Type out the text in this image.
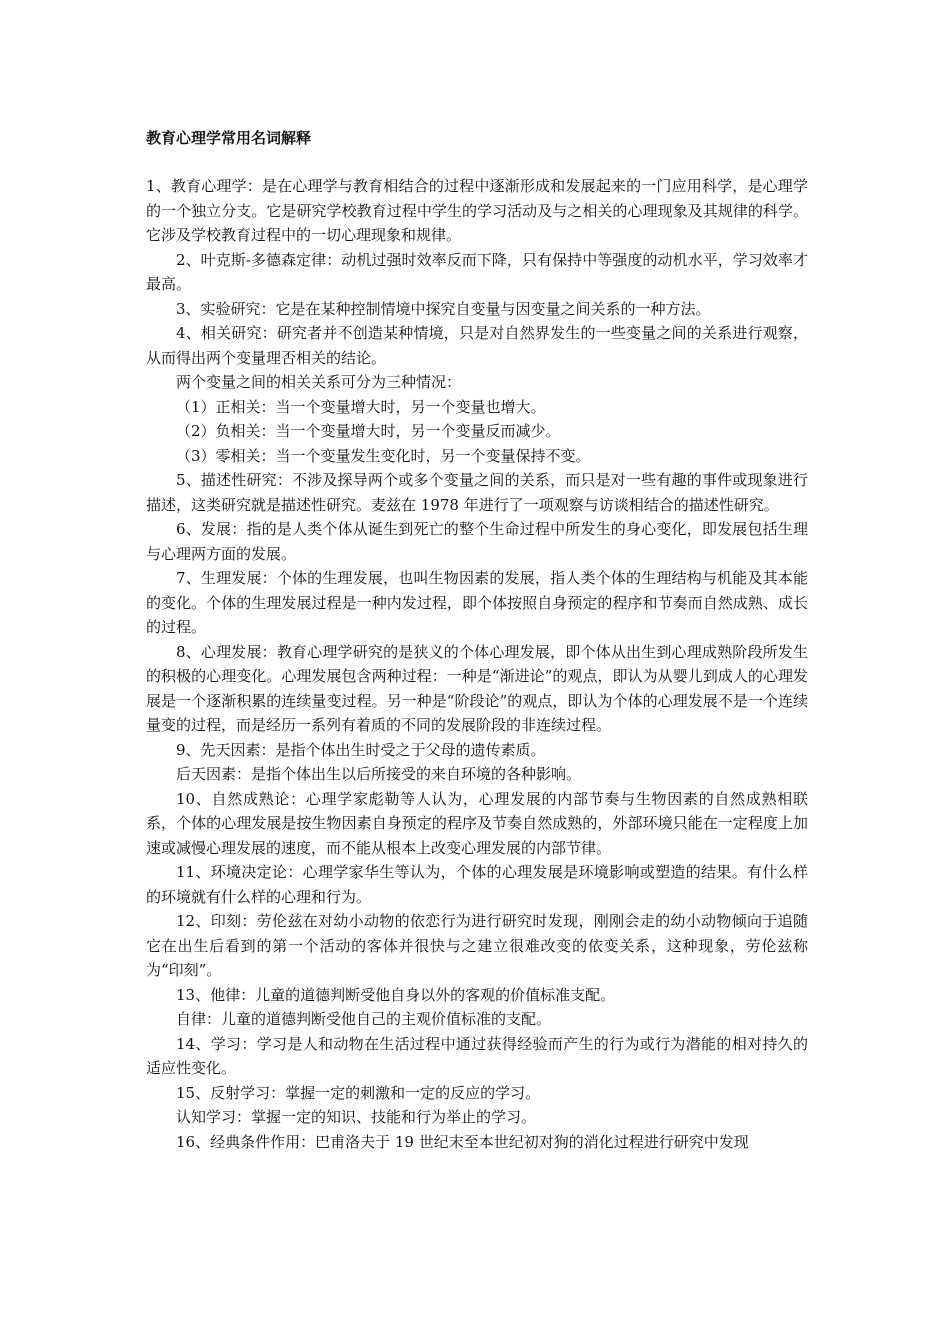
教育心理学常用名词解释

1、教育心理学：是在心理学与教育相结合的过程中逐渐形成和发展起来的一门应用科学，是心理学的一个独立分支。它是研究学校教育过程中学生的学习活动及与之相关的心理现象及其规律的科学。它涉及学校教育过程中的一切心理现象和规律。

2、叶克斯-多德森定律：动机过强时效率反而下降，只有保持中等强度的动机水平，学习效率才最高。

3、实验研究：它是在某种控制情境中探究自变量与因变量之间关系的一种方法。

4、相关研究：研究者并不创造某种情境，只是对自然界发生的一些变量之间的关系进行观察，从而得出两个变量理否相关的结论。

两个变量之间的相关关系可分为三种情况：

（1）正相关：当一个变量增大时，另一个变量也增大。

（2）负相关：当一个变量增大时，另一个变量反而减少。

（3）零相关：当一个变量发生变化时，另一个变量保持不变。

5、描述性研究：不涉及探导两个或多个变量之间的关系，而只是对一些有趣的事件或现象进行描述，这类研究就是描述性研究。麦兹在 1978 年进行了一项观察与访谈相结合的描述性研究。

6、发展：指的是人类个体从诞生到死亡的整个生命过程中所发生的身心变化，即发展包括生理与心理两方面的发展。

7、生理发展：个体的生理发展，也叫生物因素的发展，指人类个体的生理结构与机能及其本能的变化。个体的生理发展过程是一种内发过程，即个体按照自身预定的程序和节奏而自然成熟、成长的过程。

8、心理发展：教育心理学研究的是狭义的个体心理发展，即个体从出生到心理成熟阶段所发生的积极的心理变化。心理发展包含两种过程：一种是“渐进论”的观点，即认为从婴儿到成人的心理发展是一个逐渐积累的连续量变过程。另一种是“阶段论”的观点，即认为个体的心理发展不是一个连续量变的过程，而是经历一系列有着质的不同的发展阶段的非连续过程。

9、先天因素：是指个体出生时受之于父母的遗传素质。

后天因素：是指个体出生以后所接受的来自环境的各种影响。

10、自然成熟论：心理学家彪勒等人认为，心理发展的内部节奏与生物因素的自然成熟相联系，个体的心理发展是按生物因素自身预定的程序及节奏自然成熟的，外部环境只能在一定程度上加速或减慢心理发展的速度，而不能从根本上改变心理发展的内部节律。

11、环境决定论：心理学家华生等认为，个体的心理发展是环境影响或塑造的结果。有什么样的环境就有什么样的心理和行为。

12、印刻：劳伦兹在对幼小动物的依恋行为进行研究时发现，刚刚会走的幼小动物倾向于追随它在出生后看到的第一个活动的客体并很快与之建立很难改变的依变关系，这种现象，劳伦兹称为“印刻”。

13、他律：儿童的道德判断受他自身以外的客观的价值标准支配。

自律：儿童的道德判断受他自己的主观价值标准的支配。

14、学习：学习是人和动物在生活过程中通过获得经验而产生的行为或行为潜能的相对持久的适应性变化。

15、反射学习：掌握一定的刺激和一定的反应的学习。

认知学习：掌握一定的知识、技能和行为举止的学习。

16、经典条件作用：巴甫洛夫于 19 世纪末至本世纪初对狗的消化过程进行研究中发现
